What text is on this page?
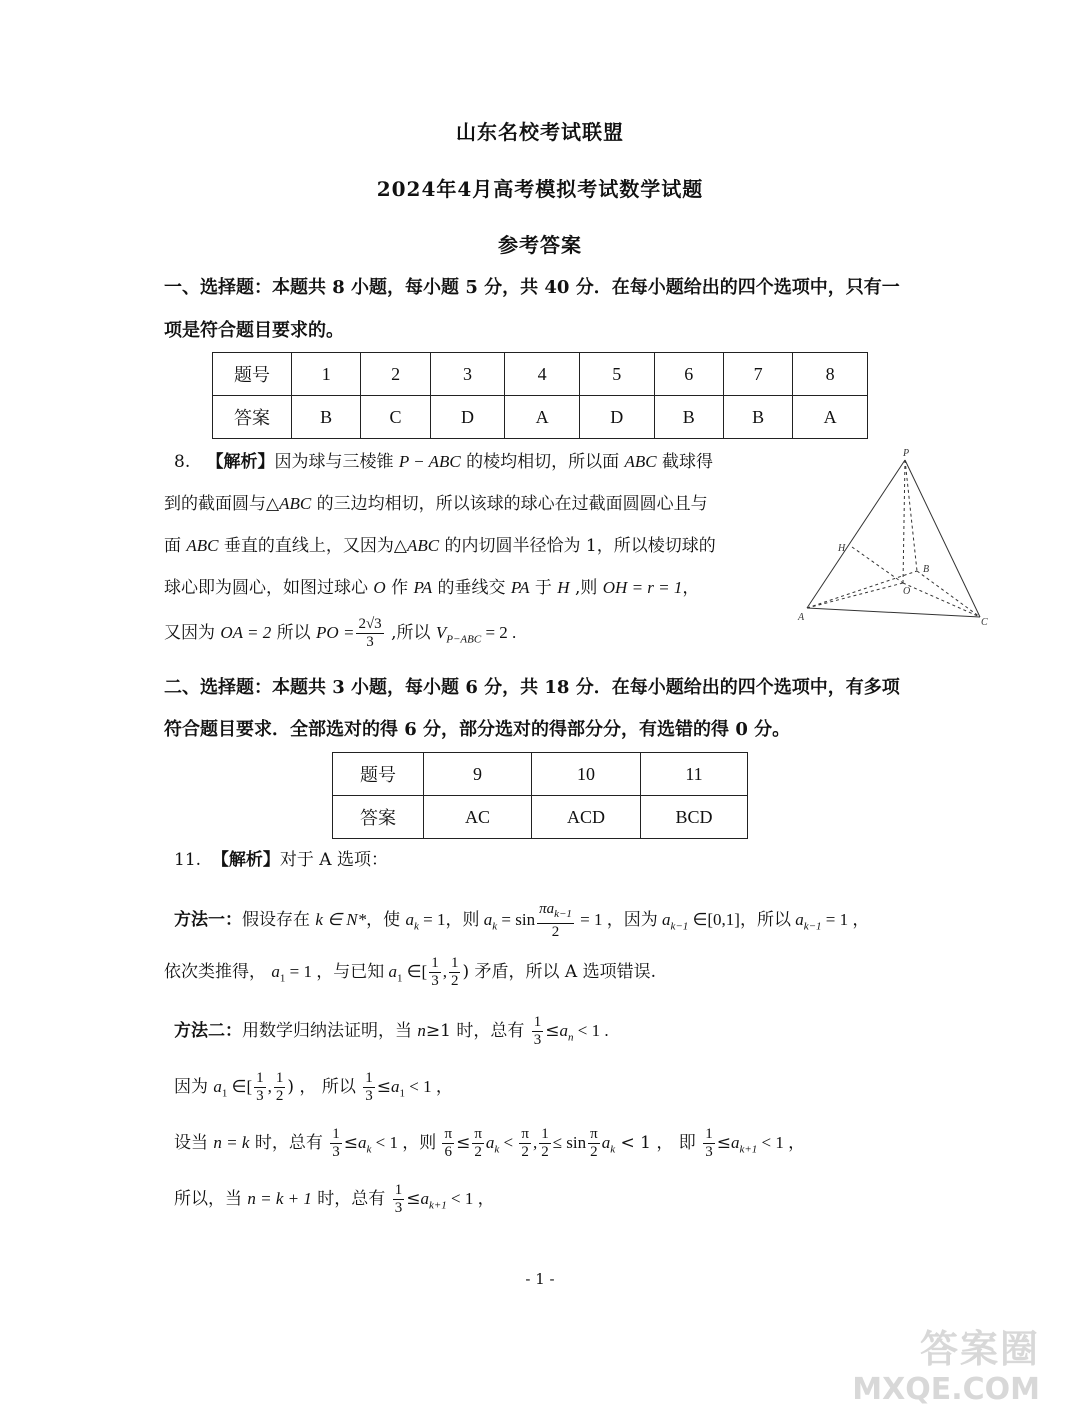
山东名校考试联盟
2024年4月高考模拟考试数学试题
参考答案
一、选择题：本题共 8 小题，每小题 5 分，共 40 分．在每小题给出的四个选项中，只有一
项是符合题目要求的。
题号	1	2	3	4	5	6	7	8
答案	B	C	D	A	D	B	B	A
8. 【解析】因为球与三棱锥 P − ABC 的棱均相切，所以面 ABC 截球得
到的截面圆与△ABC 的三边均相切，所以该球的球心在过截面圆圆心且与
面 ABC 垂直的直线上，又因为△ABC 的内切圆半径恰为 1，所以棱切球的
球心即为圆心，如图过球心 O 作 PA 的垂线交 PA 于 H ,则 OH = r = 1，
又因为 OA = 2 所以 PO = $\frac{2√3}{3}$ ,所以 $V_{P-ABC} = 2$ .
P
A
B
C
O
H
二、选择题：本题共 3 小题，每小题 6 分，共 18 分．在每小题给出的四个选项中，有多项
符合题目要求．全部选对的得 6 分，部分选对的得部分分，有选错的得 0 分。
题号	9	10	11
答案	AC	ACD	BCD
11. 【解析】对于 A 选项：
方法一：假设存在 k ∈ N*，使 $a_k = 1$，则 $a_k = \sin \frac{\pi a_{k-1}}{2} = 1$ ，因为 $a_{k-1}$ ∈[0,1]，所以 $a_{k-1} = 1$ ，
依次类推得， $a_1 = 1$ ，与已知 $a_1$ ∈[ $\frac{1}{3}$ , $\frac{1}{2}$ ) 矛盾，所以 A 选项错误.
方法二：用数学归纳法证明，当 n≥1 时，总有 $\frac{1}{3} \le a_n < 1$ .
因为 $a_1$ ∈[ $\frac{1}{3}$ , $\frac{1}{2}$ ) ， 所以 $\frac{1}{3} \le a_1 < 1$ ，
设当 n = k 时，总有 $\frac{1}{3} \le a_k < 1$ ，则 $\frac{\pi}{6} \le \frac{\pi}{2} a_k < \frac{\pi}{2}$ , $\frac{1}{2} \le \sin \frac{\pi}{2} a_k < 1$ ， 即 $\frac{1}{3} \le a_{k+1} < 1$ ，
所以，当 n = k + 1 时，总有 $\frac{1}{3} \le a_{k+1} < 1$ ，
- 1 -
答案圈
MXQE.COM
